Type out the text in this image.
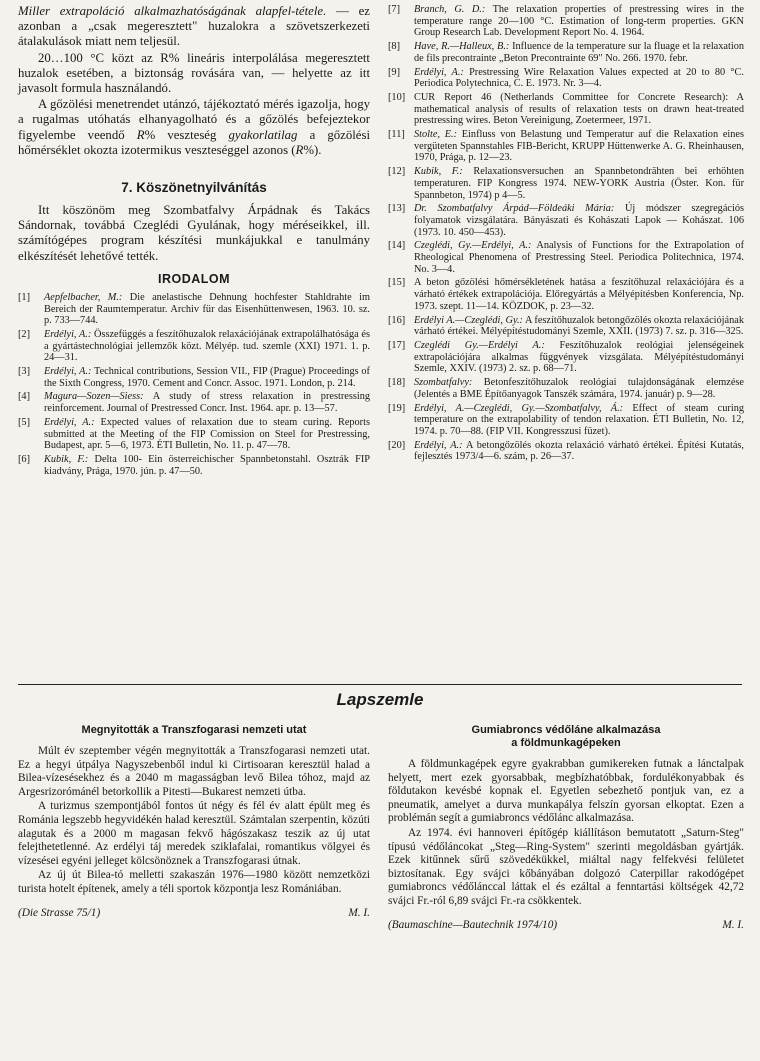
Miller extrapoláció alkalmazhatóságának alapfel-tétele. — ez azonban a „csak megeresztett" huzalokra a szövetszerkezeti átalakulások miatt nem teljesül.

20…100 °C közt az R% lineáris interpolálása megeresztett huzalok esetében, a biztonság rovására van, — helyette az itt javasolt formula használandó.

A gőzölési menetrendet utánzó, tájékoztató mérés igazolja, hogy a rugalmas utóhatás elhanyagolható és a gőzölés befejeztekor figyelembe veendő R% veszteség gyakorlatilag a gőzölési hőmérséklet okozta izotermikus veszteséggel azonos (R%).

7. Köszönetnyilvánítás

Itt köszönöm meg Szombatfalvy Árpádnak és Takács Sándornak, továbbá Czeglédi Gyulának, hogy méréseikkel, ill. számítógépes program készítési munkájukkal e tanulmány elkészítését lehetővé tették.

IRODALOM
[1]	Aepfelbacher, M.: Die anelastische Dehnung hochfester Stahldrahte im Bereich der Raumtemperatur. Archiv für das Eisenhüttenwesen, 1963. 10. sz. p. 733—744.
[2]	Erdélyi, A.: Összefüggés a feszítőhuzalok relaxációjának extrapolálhatósága és a gyártástechnológiai jellemzők közt. Mélyép. tud. szemle (XXI) 1971. 1. p. 24—31.
[3]	Erdélyi, A.: Technical contributions, Session VII., FIP (Prague) Proceedings of the Sixth Congress, 1970. Cement and Concr. Assoc. 1971. London, p. 214.
[4]	Magura—Sozen—Siess: A study of stress relaxation in prestressing reinforcement. Journal of Prestressed Concr. Inst. 1964. apr. p. 13—57.
[5]	Erdélyi, A.: Expected values of relaxation due to steam curing. Reports submitted at the Meeting of the FIP Comission on Steel for Prestressing, Budapest, apr. 5—6, 1973. ÉTI Bulletin, No. 11. p. 47—78.
[6]	Kubik, F.: Delta 100- Ein österreichischer Spannbetonstahl. Osztrák FIP kiadvány, Prága, 1970. jún. p. 47—50.
[7]	Branch, G. D.: The relaxation properties of prestressing wires in the temperature range 20—100 °C. Estimation of long-term properties. GKN Group Research Lab. Development Report No. 4. 1964.
[8]	Have, R.—Halleux, B.: Influence de la temperature sur la fluage et la relaxation de fils precontrainte „Beton Precontrainte 69" No. 266. 1970. febr.
[9]	Erdélyi, A.: Prestressing Wire Relaxation Values expected at 20 to 80 °C. Periodica Polytechnica, C. E. 1973. Nr. 3—4.
[10] CUR Report 46 (Netherlands Committee for Concrete Research): A mathematical analysis of results of relaxation tests on drawn heat-treated prestressing wires. Beton Vereinigung, Zoetermeer, 1971.
[11] Stolte, E.: Einfluss von Belastung und Temperatur auf die Relaxation eines vergüteten Spannstahles FIB-Bericht, KRUPP Hüttenwerke A. G. Rheinhausen, 1970, Prága, p. 12—23.
[12] Kubik, F.: Relaxationsversuchen an Spannbetondrähten bei erhöhten temperaturen. FIP Kongress 1974. NEW-YORK Austria (Öster. Kon. für Spannbeton, 1974) p 4—5.
[13] Dr. Szombatfalvy Árpád—Földeáki Mária: Új módszer szegregációs folyamatok vizsgálatára. Bányászati és Kohászati Lapok — Kohászat. 106 (1973. 10. 450—453).
[14] Czeglédi, Gy.—Erdélyi, A.: Analysis of Functions for the Extrapolation of Rheological Phenomena of Prestressing Steel. Periodica Politechnica, 1974. No. 3—4.
[15] A beton gőzölési hőmérsékletének hatása a feszítőhuzal relaxációjára és a várható értékek extrapolációja. Előregyártás a Mélyépítésben Konferencia, Np. 1973. szept. 11—14. KÖZDOK, p. 23—32.
[16] Erdélyi A.—Czeglédi, Gy.: A feszítőhuzalok betongőzölés okozta relaxációjának várható értékei. Mélyépítéstudományi Szemle, XXII. (1973) 7. sz. p. 316—325.
[17] Czeglédi Gy.—Erdélyi A.: Feszítőhuzalok reológiai jelenségeinek extrapolációjára alkalmas függvények vizsgálata. Mélyépítéstudományi Szemle, XXIV. (1973) 2. sz. p. 68—71.
[18] Szombatfalvy: Betonfeszítőhuzalok reológiai tulajdonságának elemzése (Jelentés a BME Építőanyagok Tanszék számára, 1974. január) p. 9—28.
[19] Erdélyi, A.—Czeglédi, Gy.—Szombatfalvy, Á.: Effect of steam curing temperature on the extrapolability of tendon relaxation. ÉTI Bulletin, No. 12, 1974. p. 70—88. (FIP VII. Kongresszusi füzet).
[20] Erdélyi, A.: A betongőzölés okozta relaxáció várható értékei. Építési Kutatás, fejlesztés 1973/4—6. szám, p. 26—37.
Lapszemle
Megnyitották a Transzfogarasi nemzeti utat

Múlt év szeptember végén megnyitották a Transzfogarasi nemzeti utat. Ez a hegyi útpálya Nagyszebenből indul ki Cirtisoaran keresztül halad a Bilea-vízesésekhez és a 2040 m magasságban levő Bilea tóhoz, majd az Argesrizorómánél betorkollik a Pitesti—Bukarest nemzeti útba.

A turizmus szempontjából fontos út négy és fél év alatt épült meg és Románia legszebb hegyvidékén halad keresztül. Számtalan szerpentin, közúti alagutak és a 2000 m magasan fekvő hágószakasz teszik az új utat felejthetetlenné. Az erdélyi táj meredek sziklafalai, romantikus völgyei és vízesései egyéni jelleget kölcsönöznek a Transzfogarasi útnak.

Az új út Bilea-tó melletti szakaszán 1976—1980 között nemzetközi turista hotelt építenek, amely a téli sportok központja lesz Romániában.

(Die Strasse 75/1)	M. I.
Gumiabroncs védőláne alkalmazása
a földmunkagépeken

A földmunkagépek egyre gyakrabban gumikereken futnak a lánctalpak helyett, mert ezek gyorsabbak, megbízhatóbbak, fordulékonyabbak és földutakon kevésbé kopnak el. Egyetlen sebezhető pontjuk van, ez a pneumatik, amelyet a durva munkapálya felszín gyorsan elkoptat. Ezen a problémán segít a gumiabroncs védőlánc alkalmazása.

Az 1974. évi hannoveri építőgép kiállításon bemutatott „Saturn-Steg" típusú védőláncokat „Steg—Ring-System" szerinti megoldásban gyártják. Ezek kitűnnek sűrű szövedékükkel, miáltal nagy felfekvési felületet biztosítanak. Egy svájci kőbányában dolgozó Caterpillar rakodógépet gumiabroncs védőlánccal láttak el és ezáltal a fenntartási költségek 42,72 svájci Fr.-ról 6,89 svájci Fr.-ra csökkentek.

(Baumaschine—Bautechnik 1974/10)	M. I.
